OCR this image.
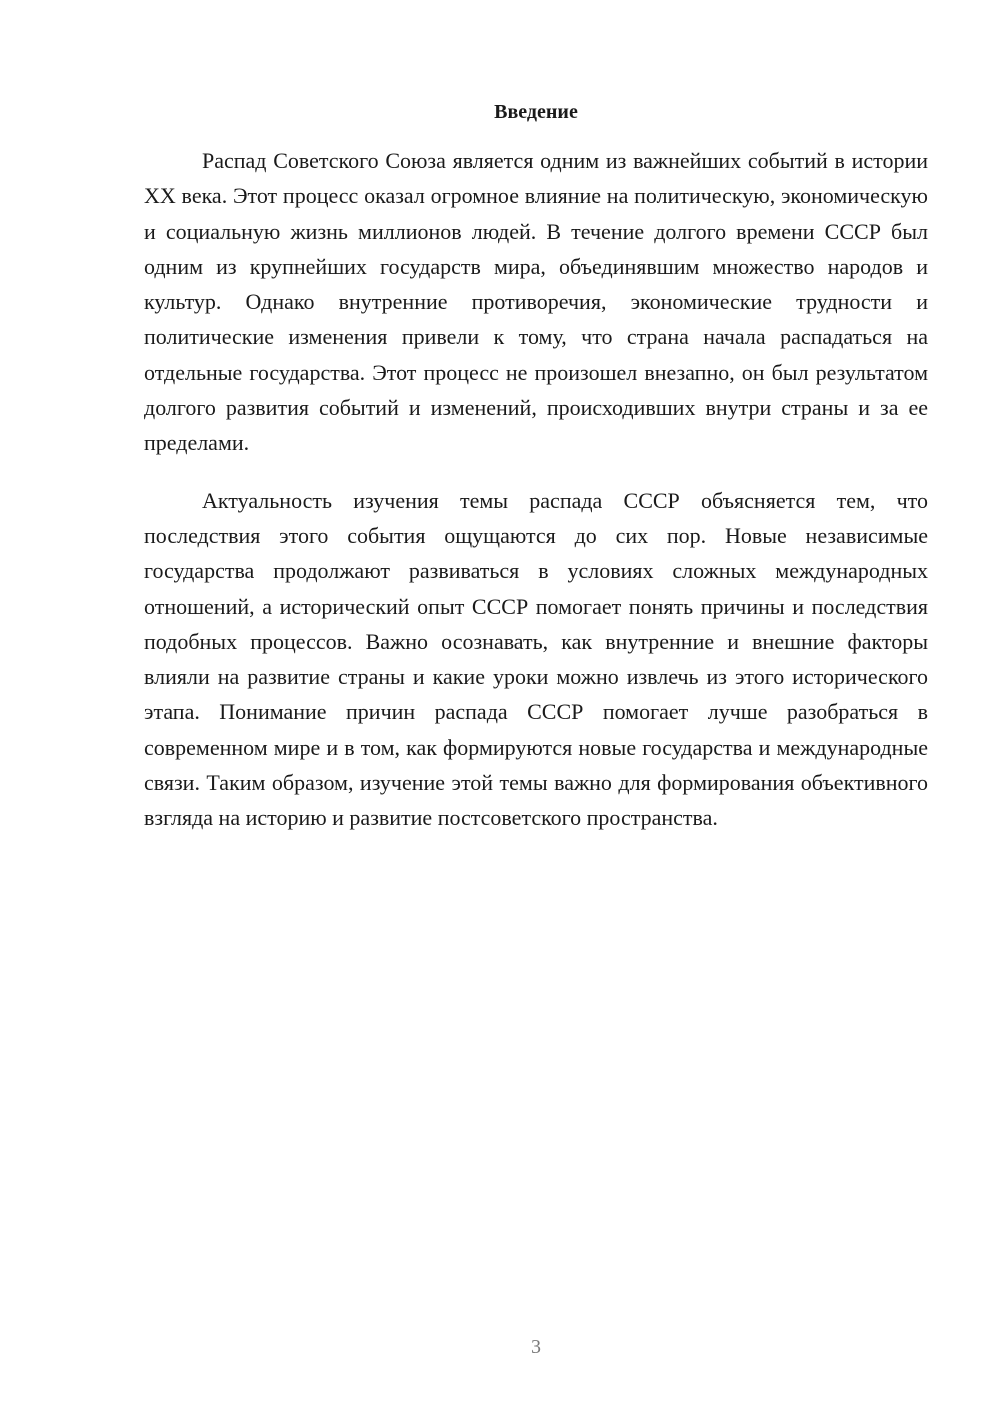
Введение

Распад Советского Союза является одним из важнейших событий в истории XX века. Этот процесс оказал огромное влияние на политическую, экономическую и социальную жизнь миллионов людей. В течение долгого времени СССР был одним из крупнейших государств мира, объединявшим множество народов и культур. Однако внутренние противоречия, экономические трудности и политические изменения привели к тому, что страна начала распадаться на отдельные государства. Этот процесс не произошел внезапно, он был результатом долгого развития событий и изменений, происходивших внутри страны и за ее пределами.

Актуальность изучения темы распада СССР объясняется тем, что последствия этого события ощущаются до сих пор. Новые независимые государства продолжают развиваться в условиях сложных международных отношений, а исторический опыт СССР помогает понять причины и последствия подобных процессов. Важно осознавать, как внутренние и внешние факторы влияли на развитие страны и какие уроки можно извлечь из этого исторического этапа. Понимание причин распада СССР помогает лучше разобраться в современном мире и в том, как формируются новые государства и международные связи. Таким образом, изучение этой темы важно для формирования объективного взгляда на историю и развитие постсоветского пространства.

3
